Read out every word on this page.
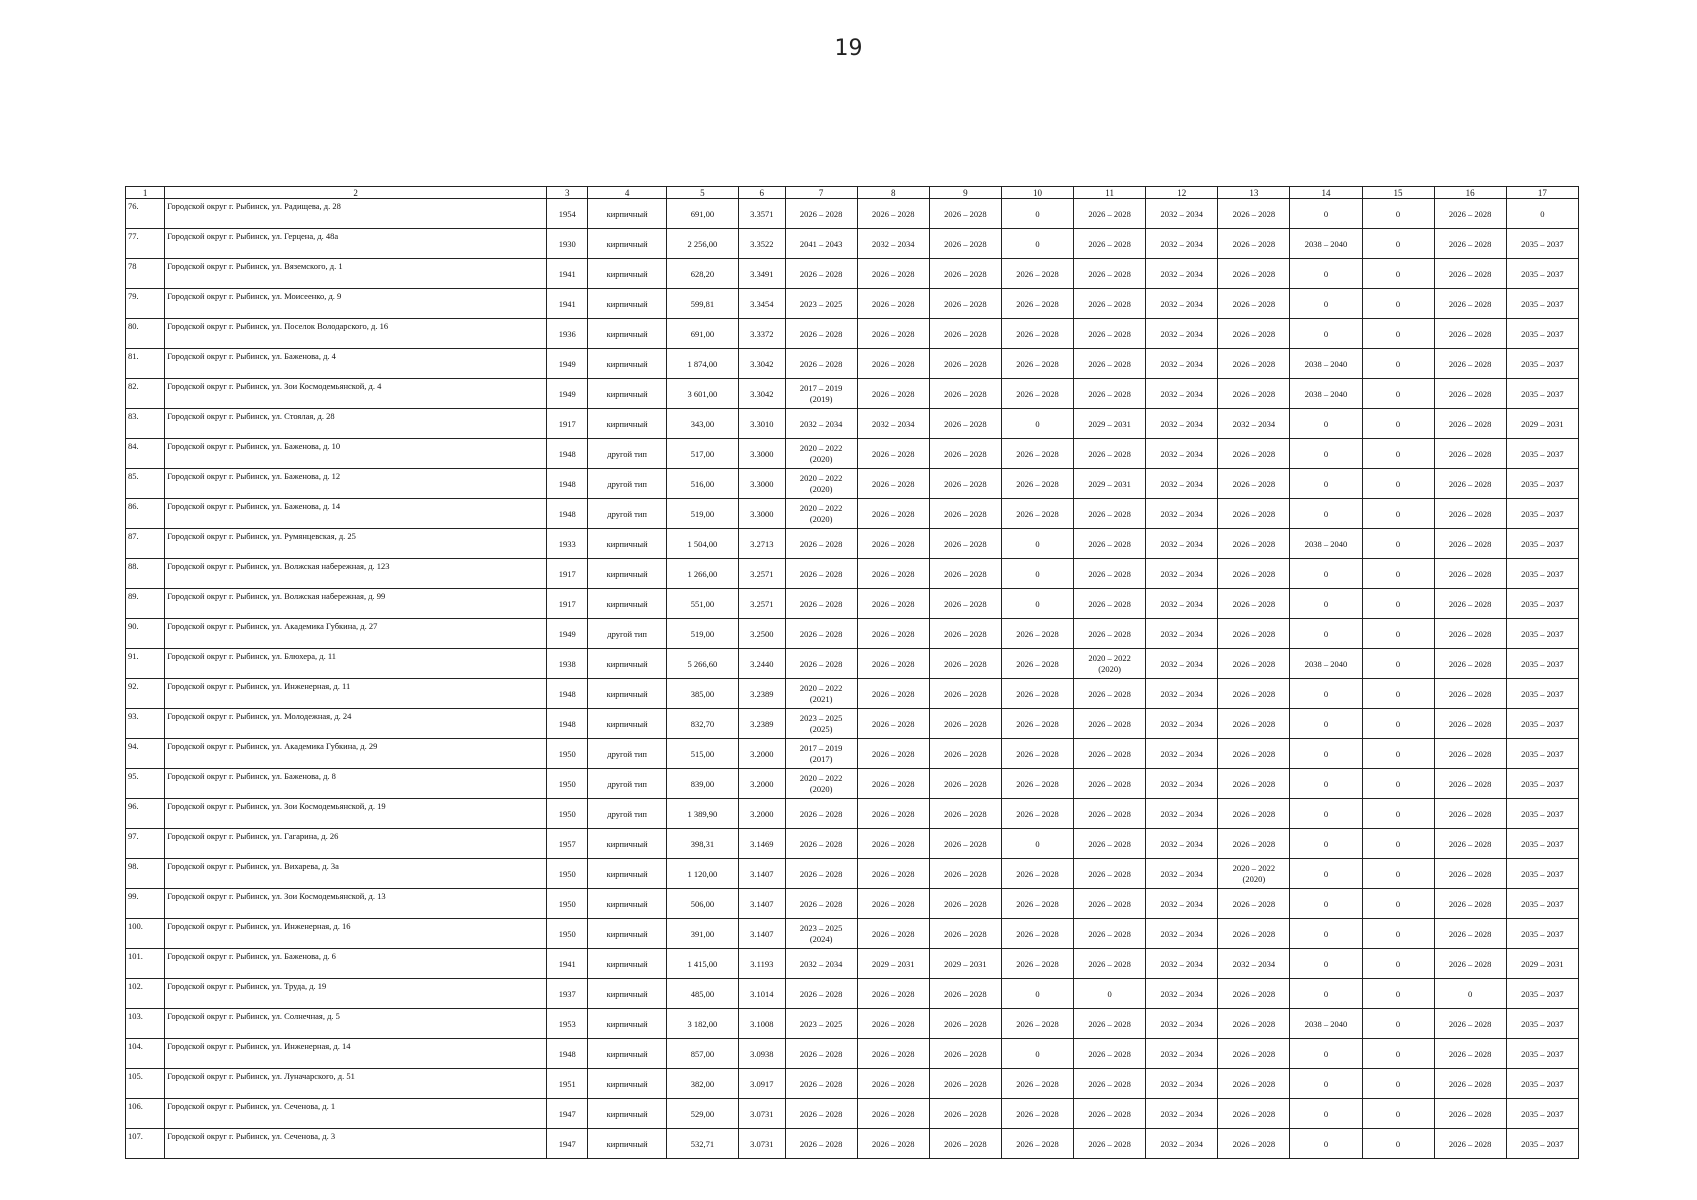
19
1	2	3	4	5	6	7	8	9	10	11	12	13	14	15	16	17
76.	Городской округ г. Рыбинск, ул. Радищева, д. 28	1954	кирпичный	691,00	3.3571	2026 – 2028	2026 – 2028	2026 – 2028	0	2026 – 2028	2032 – 2034	2026 – 2028	0	0	2026 – 2028	0
77.	Городской округ г. Рыбинск, ул. Герцена, д. 48а	1930	кирпичный	2 256,00	3.3522	2041 – 2043	2032 – 2034	2026 – 2028	0	2026 – 2028	2032 – 2034	2026 – 2028	2038 – 2040	0	2026 – 2028	2035 – 2037
78	Городской округ г. Рыбинск, ул. Вяземского, д. 1	1941	кирпичный	628,20	3.3491	2026 – 2028	2026 – 2028	2026 – 2028	2026 – 2028	2026 – 2028	2032 – 2034	2026 – 2028	0	0	2026 – 2028	2035 – 2037
79.	Городской округ г. Рыбинск, ул. Моисеенко, д. 9	1941	кирпичный	599,81	3.3454	2023 – 2025	2026 – 2028	2026 – 2028	2026 – 2028	2026 – 2028	2032 – 2034	2026 – 2028	0	0	2026 – 2028	2035 – 2037
80.	Городской округ г. Рыбинск, ул. Поселок Володарского, д. 16	1936	кирпичный	691,00	3.3372	2026 – 2028	2026 – 2028	2026 – 2028	2026 – 2028	2026 – 2028	2032 – 2034	2026 – 2028	0	0	2026 – 2028	2035 – 2037
81.	Городской округ г. Рыбинск, ул. Баженова, д. 4	1949	кирпичный	1 874,00	3.3042	2026 – 2028	2026 – 2028	2026 – 2028	2026 – 2028	2026 – 2028	2032 – 2034	2026 – 2028	2038 – 2040	0	2026 – 2028	2035 – 2037
82.	Городской округ г. Рыбинск, ул. Зои Космодемьянской, д. 4	1949	кирпичный	3 601,00	3.3042	2017 – 2019 (2019)	2026 – 2028	2026 – 2028	2026 – 2028	2026 – 2028	2032 – 2034	2026 – 2028	2038 – 2040	0	2026 – 2028	2035 – 2037
83.	Городской округ г. Рыбинск, ул. Стоялая, д. 28	1917	кирпичный	343,00	3.3010	2032 – 2034	2032 – 2034	2026 – 2028	0	2029 – 2031	2032 – 2034	2032 – 2034	0	0	2026 – 2028	2029 – 2031
84.	Городской округ г. Рыбинск, ул. Баженова, д. 10	1948	другой тип	517,00	3.3000	2020 – 2022 (2020)	2026 – 2028	2026 – 2028	2026 – 2028	2026 – 2028	2032 – 2034	2026 – 2028	0	0	2026 – 2028	2035 – 2037
85.	Городской округ г. Рыбинск, ул. Баженова, д. 12	1948	другой тип	516,00	3.3000	2020 – 2022 (2020)	2026 – 2028	2026 – 2028	2026 – 2028	2029 – 2031	2032 – 2034	2026 – 2028	0	0	2026 – 2028	2035 – 2037
86.	Городской округ г. Рыбинск, ул. Баженова, д. 14	1948	другой тип	519,00	3.3000	2020 – 2022 (2020)	2026 – 2028	2026 – 2028	2026 – 2028	2026 – 2028	2032 – 2034	2026 – 2028	0	0	2026 – 2028	2035 – 2037
87.	Городской округ г. Рыбинск, ул. Румянцевская, д. 25	1933	кирпичный	1 504,00	3.2713	2026 – 2028	2026 – 2028	2026 – 2028	0	2026 – 2028	2032 – 2034	2026 – 2028	2038 – 2040	0	2026 – 2028	2035 – 2037
88.	Городской округ г. Рыбинск, ул. Волжская набережная, д. 123	1917	кирпичный	1 266,00	3.2571	2026 – 2028	2026 – 2028	2026 – 2028	0	2026 – 2028	2032 – 2034	2026 – 2028	0	0	2026 – 2028	2035 – 2037
89.	Городской округ г. Рыбинск, ул. Волжская набережная, д. 99	1917	кирпичный	551,00	3.2571	2026 – 2028	2026 – 2028	2026 – 2028	0	2026 – 2028	2032 – 2034	2026 – 2028	0	0	2026 – 2028	2035 – 2037
90.	Городской округ г. Рыбинск, ул. Академика Губкина, д. 27	1949	другой тип	519,00	3.2500	2026 – 2028	2026 – 2028	2026 – 2028	2026 – 2028	2026 – 2028	2032 – 2034	2026 – 2028	0	0	2026 – 2028	2035 – 2037
91.	Городской округ г. Рыбинск, ул. Блюхера, д. 11	1938	кирпичный	5 266,60	3.2440	2026 – 2028	2026 – 2028	2026 – 2028	2026 – 2028	2020 – 2022 (2020)	2032 – 2034	2026 – 2028	2038 – 2040	0	2026 – 2028	2035 – 2037
92.	Городской округ г. Рыбинск, ул. Инженерная, д. 11	1948	кирпичный	385,00	3.2389	2020 – 2022 (2021)	2026 – 2028	2026 – 2028	2026 – 2028	2026 – 2028	2032 – 2034	2026 – 2028	0	0	2026 – 2028	2035 – 2037
93.	Городской округ г. Рыбинск, ул. Молодежная, д. 24	1948	кирпичный	832,70	3.2389	2023 – 2025 (2025)	2026 – 2028	2026 – 2028	2026 – 2028	2026 – 2028	2032 – 2034	2026 – 2028	0	0	2026 – 2028	2035 – 2037
94.	Городской округ г. Рыбинск, ул. Академика Губкина, д. 29	1950	другой тип	515,00	3.2000	2017 – 2019 (2017)	2026 – 2028	2026 – 2028	2026 – 2028	2026 – 2028	2032 – 2034	2026 – 2028	0	0	2026 – 2028	2035 – 2037
95.	Городской округ г. Рыбинск, ул. Баженова, д. 8	1950	другой тип	839,00	3.2000	2020 – 2022 (2020)	2026 – 2028	2026 – 2028	2026 – 2028	2026 – 2028	2032 – 2034	2026 – 2028	0	0	2026 – 2028	2035 – 2037
96.	Городской округ г. Рыбинск, ул. Зои Космодемьянской, д. 19	1950	другой тип	1 389,90	3.2000	2026 – 2028	2026 – 2028	2026 – 2028	2026 – 2028	2026 – 2028	2032 – 2034	2026 – 2028	0	0	2026 – 2028	2035 – 2037
97.	Городской округ г. Рыбинск, ул. Гагарина, д. 26	1957	кирпичный	398,31	3.1469	2026 – 2028	2026 – 2028	2026 – 2028	0	2026 – 2028	2032 – 2034	2026 – 2028	0	0	2026 – 2028	2035 – 2037
98.	Городской округ г. Рыбинск, ул. Вихарева, д. 3а	1950	кирпичный	1 120,00	3.1407	2026 – 2028	2026 – 2028	2026 – 2028	2026 – 2028	2026 – 2028	2032 – 2034	2020 – 2022 (2020)	0	0	2026 – 2028	2035 – 2037
99.	Городской округ г. Рыбинск, ул. Зои Космодемьянской, д. 13	1950	кирпичный	506,00	3.1407	2026 – 2028	2026 – 2028	2026 – 2028	2026 – 2028	2026 – 2028	2032 – 2034	2026 – 2028	0	0	2026 – 2028	2035 – 2037
100.	Городской округ г. Рыбинск, ул. Инженерная, д. 16	1950	кирпичный	391,00	3.1407	2023 – 2025 (2024)	2026 – 2028	2026 – 2028	2026 – 2028	2026 – 2028	2032 – 2034	2026 – 2028	0	0	2026 – 2028	2035 – 2037
101.	Городской округ г. Рыбинск, ул. Баженова, д. 6	1941	кирпичный	1 415,00	3.1193	2032 – 2034	2029 – 2031	2029 – 2031	2026 – 2028	2026 – 2028	2032 – 2034	2032 – 2034	0	0	2026 – 2028	2029 – 2031
102.	Городской округ г. Рыбинск, ул. Труда, д. 19	1937	кирпичный	485,00	3.1014	2026 – 2028	2026 – 2028	2026 – 2028	0	0	2032 – 2034	2026 – 2028	0	0	0	2035 – 2037
103.	Городской округ г. Рыбинск, ул. Солнечная, д. 5	1953	кирпичный	3 182,00	3.1008	2023 – 2025	2026 – 2028	2026 – 2028	2026 – 2028	2026 – 2028	2032 – 2034	2026 – 2028	2038 – 2040	0	2026 – 2028	2035 – 2037
104.	Городской округ г. Рыбинск, ул. Инженерная, д. 14	1948	кирпичный	857,00	3.0938	2026 – 2028	2026 – 2028	2026 – 2028	0	2026 – 2028	2032 – 2034	2026 – 2028	0	0	2026 – 2028	2035 – 2037
105.	Городской округ г. Рыбинск, ул. Луначарского, д. 51	1951	кирпичный	382,00	3.0917	2026 – 2028	2026 – 2028	2026 – 2028	2026 – 2028	2026 – 2028	2032 – 2034	2026 – 2028	0	0	2026 – 2028	2035 – 2037
106.	Городской округ г. Рыбинск, ул. Сеченова, д. 1	1947	кирпичный	529,00	3.0731	2026 – 2028	2026 – 2028	2026 – 2028	2026 – 2028	2026 – 2028	2032 – 2034	2026 – 2028	0	0	2026 – 2028	2035 – 2037
107.	Городской округ г. Рыбинск, ул. Сеченова, д. 3	1947	кирпичный	532,71	3.0731	2026 – 2028	2026 – 2028	2026 – 2028	2026 – 2028	2026 – 2028	2032 – 2034	2026 – 2028	0	0	2026 – 2028	2035 – 2037
